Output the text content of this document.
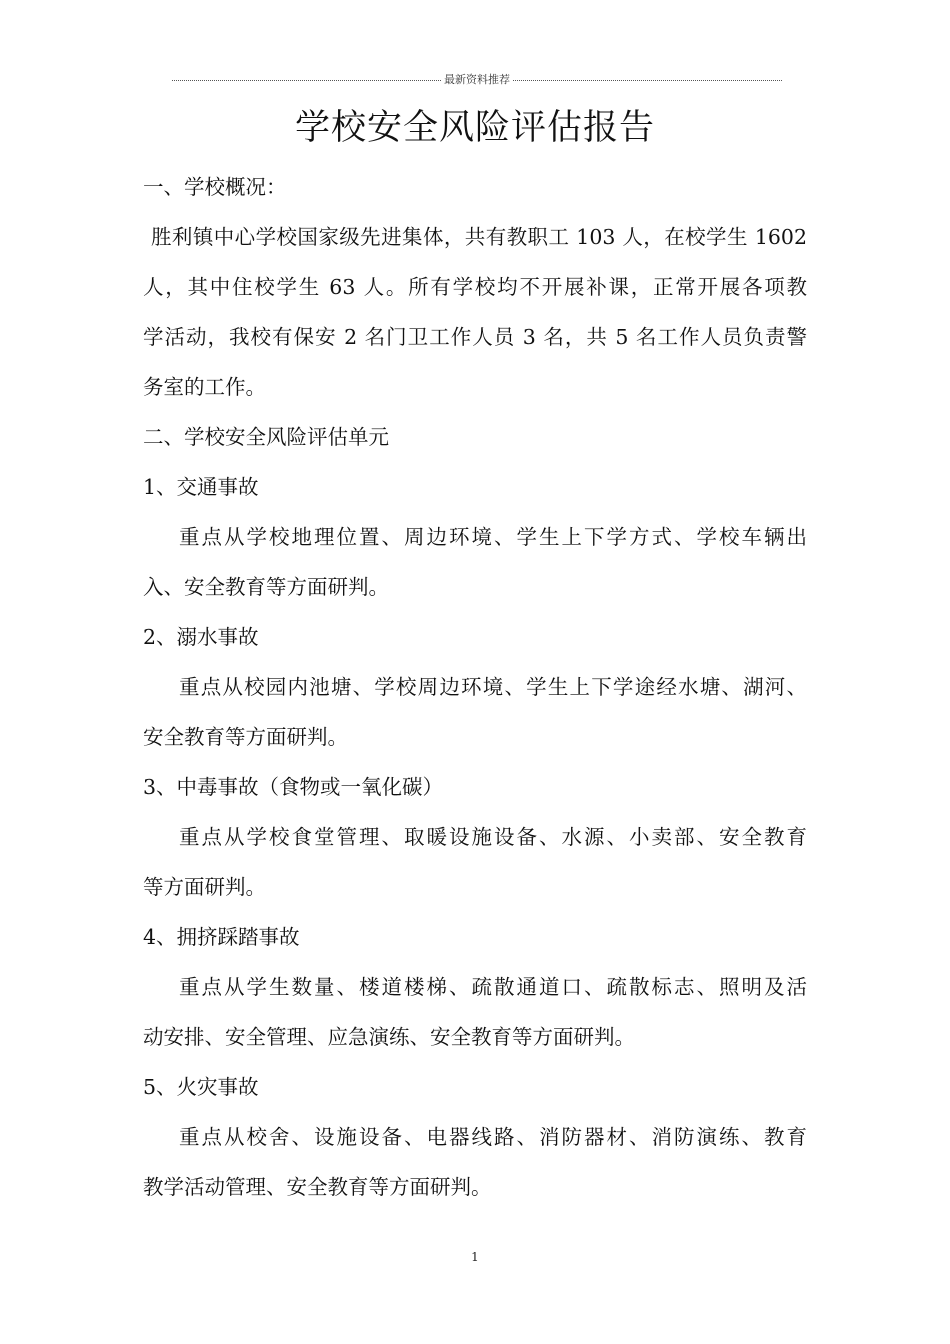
最新资料推荐
学校安全风险评估报告
一、学校概况：
胜利镇中心学校国家级先进集体，共有教职工 103 人，在校学生 1602
人，其中住校学生 63 人。所有学校均不开展补课，正常开展各项教
学活动，我校有保安 2 名门卫工作人员 3 名，共 5 名工作人员负责警
务室的工作。
二、学校安全风险评估单元
1、交通事故
重点从学校地理位置、周边环境、学生上下学方式、学校车辆出
入、安全教育等方面研判。
2、溺水事故
重点从校园内池塘、学校周边环境、学生上下学途经水塘、湖河、
安全教育等方面研判。
3、中毒事故（食物或一氧化碳）
重点从学校食堂管理、取暖设施设备、水源、小卖部、安全教育
等方面研判。
4、拥挤踩踏事故
重点从学生数量、楼道楼梯、疏散通道口、疏散标志、照明及活
动安排、安全管理、应急演练、安全教育等方面研判。
5、火灾事故
重点从校舍、设施设备、电器线路、消防器材、消防演练、教育
教学活动管理、安全教育等方面研判。
1
